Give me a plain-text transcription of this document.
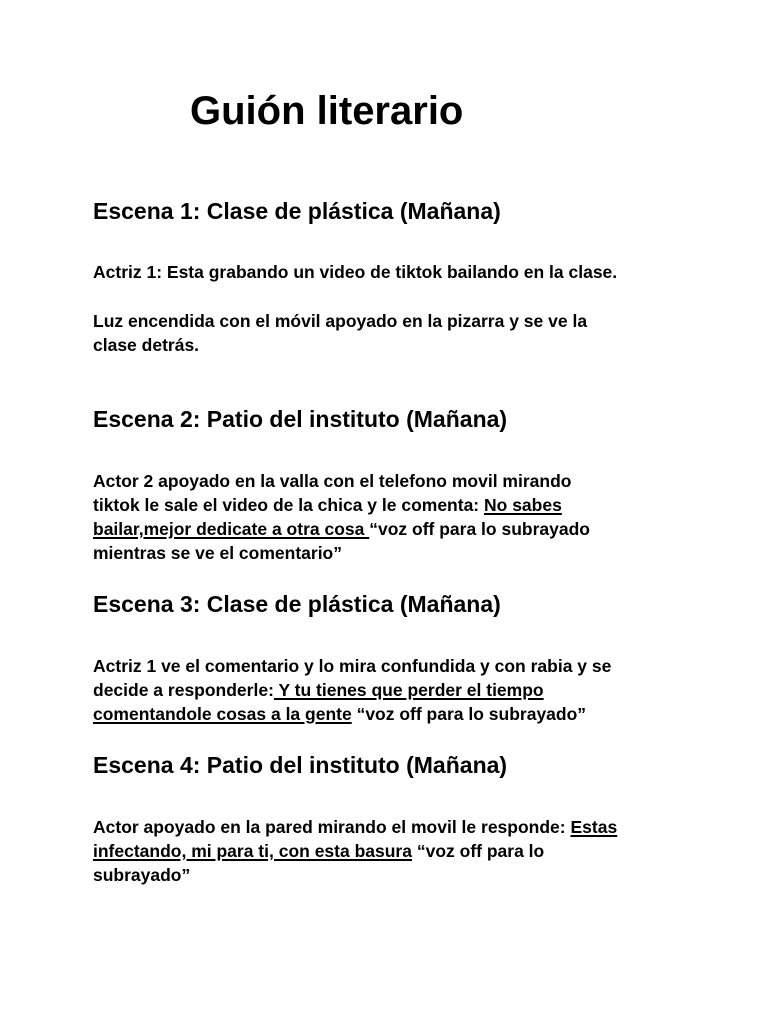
Guión literario
Escena 1: Clase de plástica (Mañana)

Actriz 1: Esta grabando un video de tiktok bailando en la clase.

Luz encendida con el móvil apoyado en la pizarra y se ve la
clase detrás.

Escena 2: Patio del instituto (Mañana)

Actor 2 apoyado en la valla con el telefono movil mirando
tiktok le sale el video de la chica y le comenta: No sabes
bailar,mejor dedicate a otra cosa “voz off para lo subrayado
mientras se ve el comentario”

Escena 3: Clase de plástica (Mañana)

Actriz 1 ve el comentario y lo mira confundida y con rabia y se
decide a responderle: Y tu tienes que perder el tiempo
comentandole cosas a la gente “voz off para lo subrayado”

Escena 4: Patio del instituto (Mañana)

Actor apoyado en la pared mirando el movil le responde: Estas
infectando, mi para ti, con esta basura “voz off para lo
subrayado”
